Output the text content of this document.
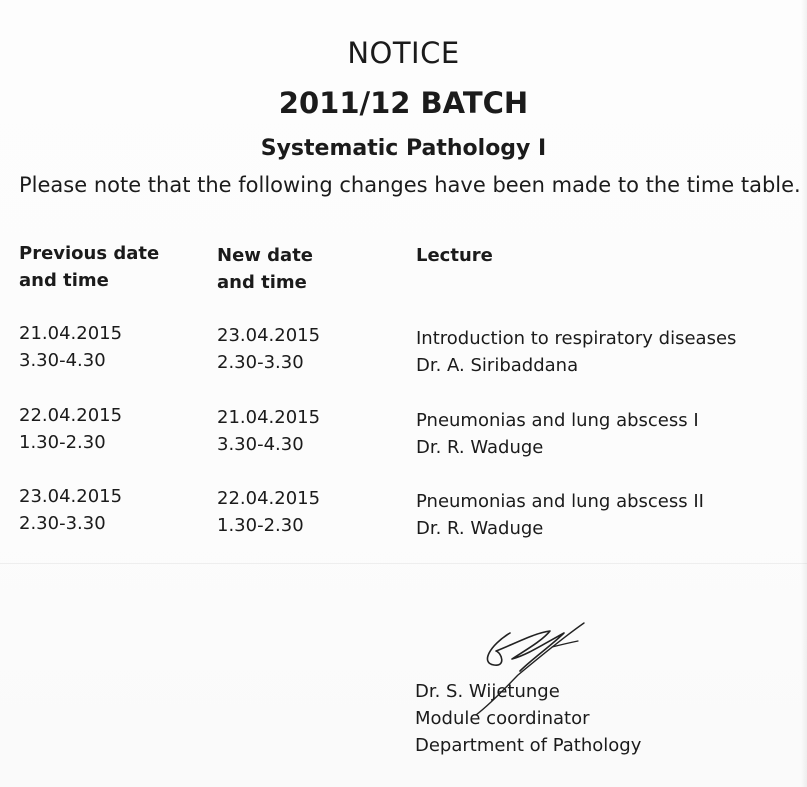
NOTICE
2011/12 BATCH
Systematic Pathology I
Please note that the following changes have been made to the time table.
Previous date
and time
New date
and time
Lecture
21.04.2015
3.30-4.30
23.04.2015
2.30-3.30
Introduction to respiratory diseases
Dr. A. Siribaddana
22.04.2015
1.30-2.30
21.04.2015
3.30-4.30
Pneumonias and lung abscess I
Dr. R. Waduge
23.04.2015
2.30-3.30
22.04.2015
1.30-2.30
Pneumonias and lung abscess II
Dr. R. Waduge
Dr. S. Wijetunge
Module coordinator
Department of Pathology
